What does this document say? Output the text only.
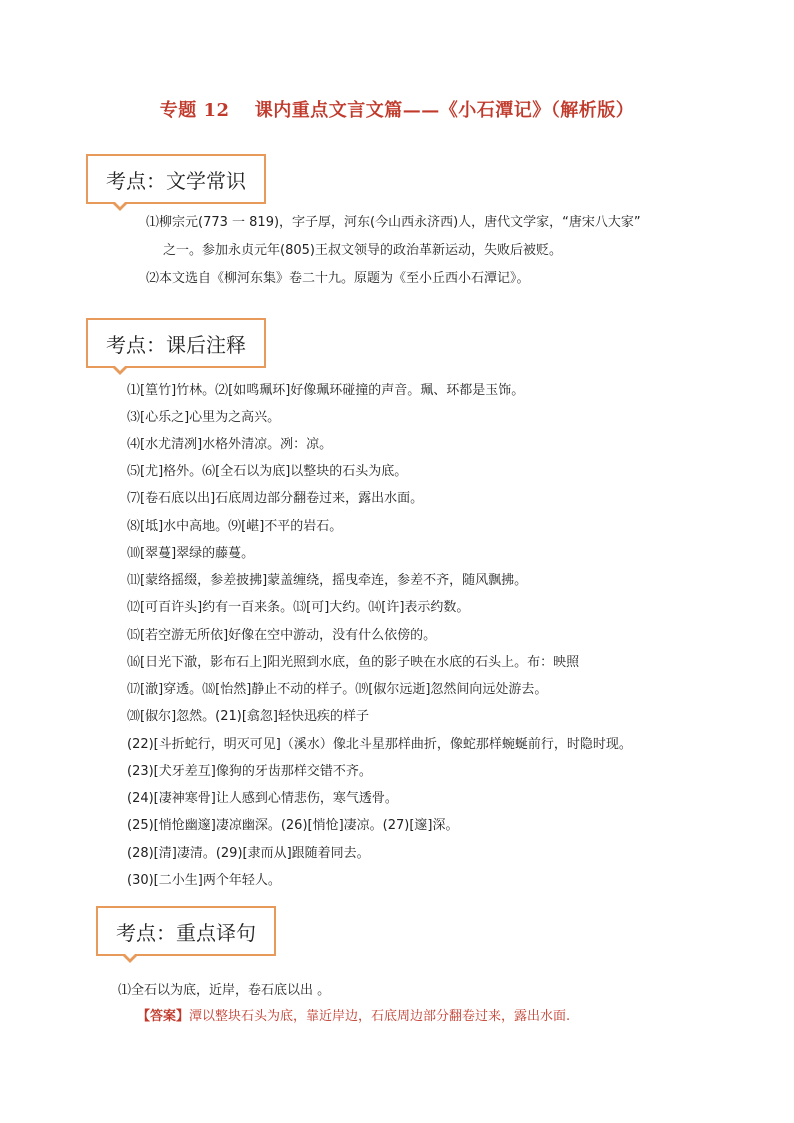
专题 12　 课内重点文言文篇——《小石潭记》（解析版）
考点：文学常识
⑴柳宗元(773 一 819)，字子厚，河东(今山西永济西)人，唐代文学家，“唐宋八大家”
之一。参加永贞元年(805)王叔文领导的政治革新运动，失败后被贬。
⑵本文选自《柳河东集》卷二十九。原题为《至小丘西小石潭记》。
考点：课后注释
⑴[篁竹]竹林。⑵[如鸣珮环]好像珮环碰撞的声音。珮、环都是玉饰。
⑶[心乐之]心里为之高兴。
⑷[水尤清冽]水格外清凉。冽：凉。
⑸[尤]格外。⑹[全石以为底]以整块的石头为底。
⑺[卷石底以出]石底周边部分翻卷过来，露出水面。
⑻[坻]水中高地。⑼[嵁]不平的岩石。
⑽[翠蔓]翠绿的藤蔓。
⑾[蒙络摇缀，参差披拂]蒙盖缠绕，摇曳牵连，参差不齐，随风飘拂。
⑿[可百许头]约有一百来条。⒀[可]大约。⒁[许]表示约数。
⒂[若空游无所依]好像在空中游动，没有什么依傍的。
⒃[日光下澈，影布石上]阳光照到水底，鱼的影子映在水底的石头上。布：映照
⒄[澈]穿透。⒅[怡然]静止不动的样子。⒆[俶尔远逝]忽然间向远处游去。
⒇[俶尔]忽然。(21)[翕忽]轻快迅疾的样子
(22)[斗折蛇行，明灭可见]（溪水）像北斗星那样曲折，像蛇那样蜿蜒前行，时隐时现。
(23)[犬牙差互]像狗的牙齿那样交错不齐。
(24)[凄神寒骨]让人感到心情悲伤，寒气透骨。
(25)[悄怆幽邃]凄凉幽深。(26)[悄怆]凄凉。(27)[邃]深。
(28)[清]凄清。(29)[隶而从]跟随着同去。
(30)[二小生]两个年轻人。
考点：重点译句
⑴全石以为底，近岸，卷石底以出 。
【答案】潭以整块石头为底，靠近岸边，石底周边部分翻卷过来，露出水面.
